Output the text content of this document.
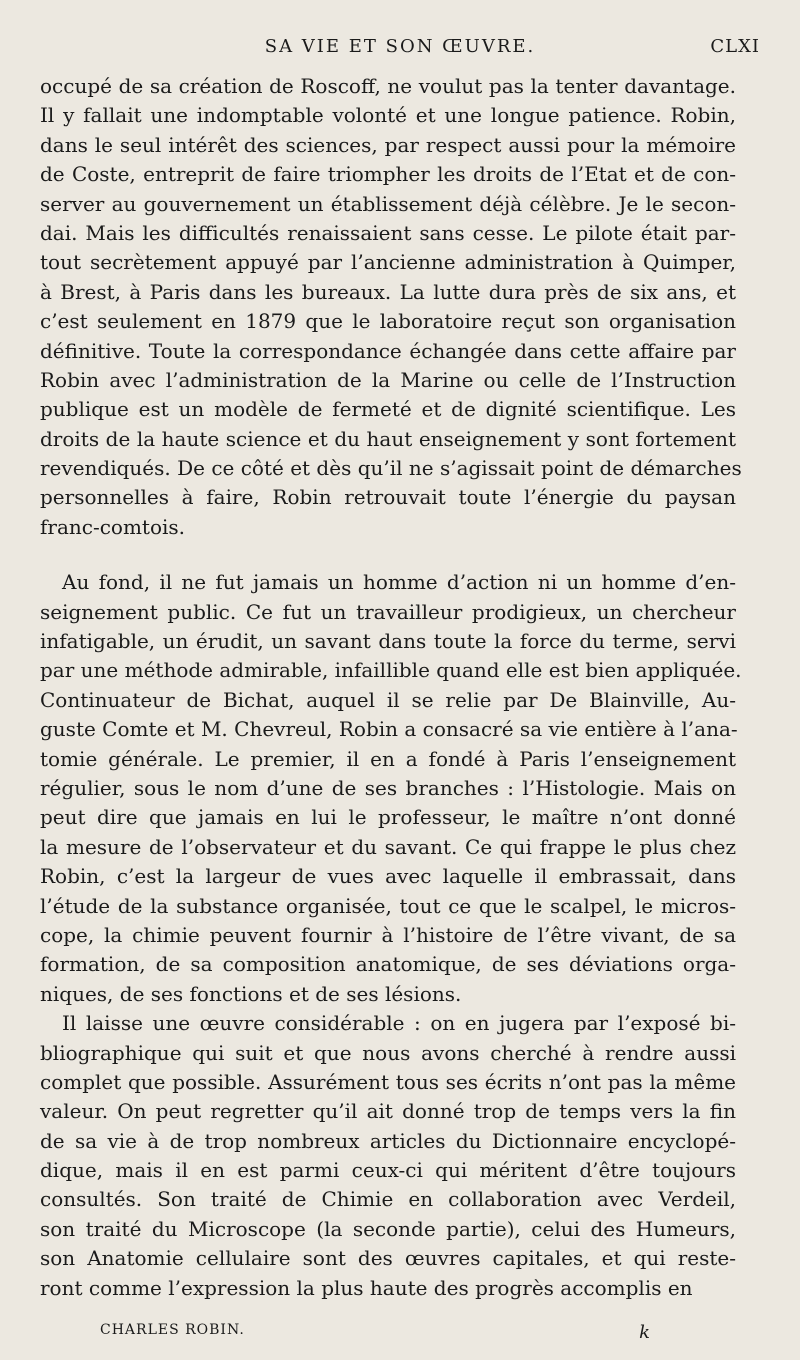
SA VIE ET SON ŒUVRE.	CLXI

occupé de sa création de Roscoff, ne voulut pas la tenter davantage.
Il y fallait une indomptable volonté et une longue patience. Robin,
dans le seul intérêt des sciences, par respect aussi pour la mémoire
de Coste, entreprit de faire triompher les droits de l’Etat et de con-
server au gouvernement un établissement déjà célèbre. Je le secon-
dai. Mais les difficultés renaissaient sans cesse. Le pilote était par-
tout secrètement appuyé par l’ancienne administration à Quimper,
à Brest, à Paris dans les bureaux. La lutte dura près de six ans, et
c’est seulement en 1879 que le laboratoire reçut son organisation
définitive. Toute la correspondance échangée dans cette affaire par
Robin avec l’administration de la Marine ou celle de l’Instruction
publique est un modèle de fermeté et de dignité scientifique. Les
droits de la haute science et du haut enseignement y sont fortement
revendiqués. De ce côté et dès qu’il ne s’agissait point de démarches
personnelles à faire, Robin retrouvait toute l’énergie du paysan
franc-comtois.

Au fond, il ne fut jamais un homme d’action ni un homme d’en-
seignement public. Ce fut un travailleur prodigieux, un chercheur
infatigable, un érudit, un savant dans toute la force du terme, servi
par une méthode admirable, infaillible quand elle est bien appliquée.
Continuateur de Bichat, auquel il se relie par De Blainville, Au-
guste Comte et M. Chevreul, Robin a consacré sa vie entière à l’ana-
tomie générale. Le premier, il en a fondé à Paris l’enseignement
régulier, sous le nom d’une de ses branches : l’Histologie. Mais on
peut dire que jamais en lui le professeur, le maître n’ont donné
la mesure de l’observateur et du savant. Ce qui frappe le plus chez
Robin, c’est la largeur de vues avec laquelle il embrassait, dans
l’étude de la substance organisée, tout ce que le scalpel, le micros-
cope, la chimie peuvent fournir à l’histoire de l’être vivant, de sa
formation, de sa composition anatomique, de ses déviations orga-
niques, de ses fonctions et de ses lésions.

Il laisse une œuvre considérable : on en jugera par l’exposé bi-
bliographique qui suit et que nous avons cherché à rendre aussi
complet que possible. Assurément tous ses écrits n’ont pas la même
valeur. On peut regretter qu’il ait donné trop de temps vers la fin
de sa vie à de trop nombreux articles du Dictionnaire encyclopé-
dique, mais il en est parmi ceux-ci qui méritent d’être toujours
consultés. Son traité de Chimie en collaboration avec Verdeil,
son traité du Microscope (la seconde partie), celui des Humeurs,
son Anatomie cellulaire sont des œuvres capitales, et qui reste-
ront comme l’expression la plus haute des progrès accomplis en

CHARLES ROBIN.	k
